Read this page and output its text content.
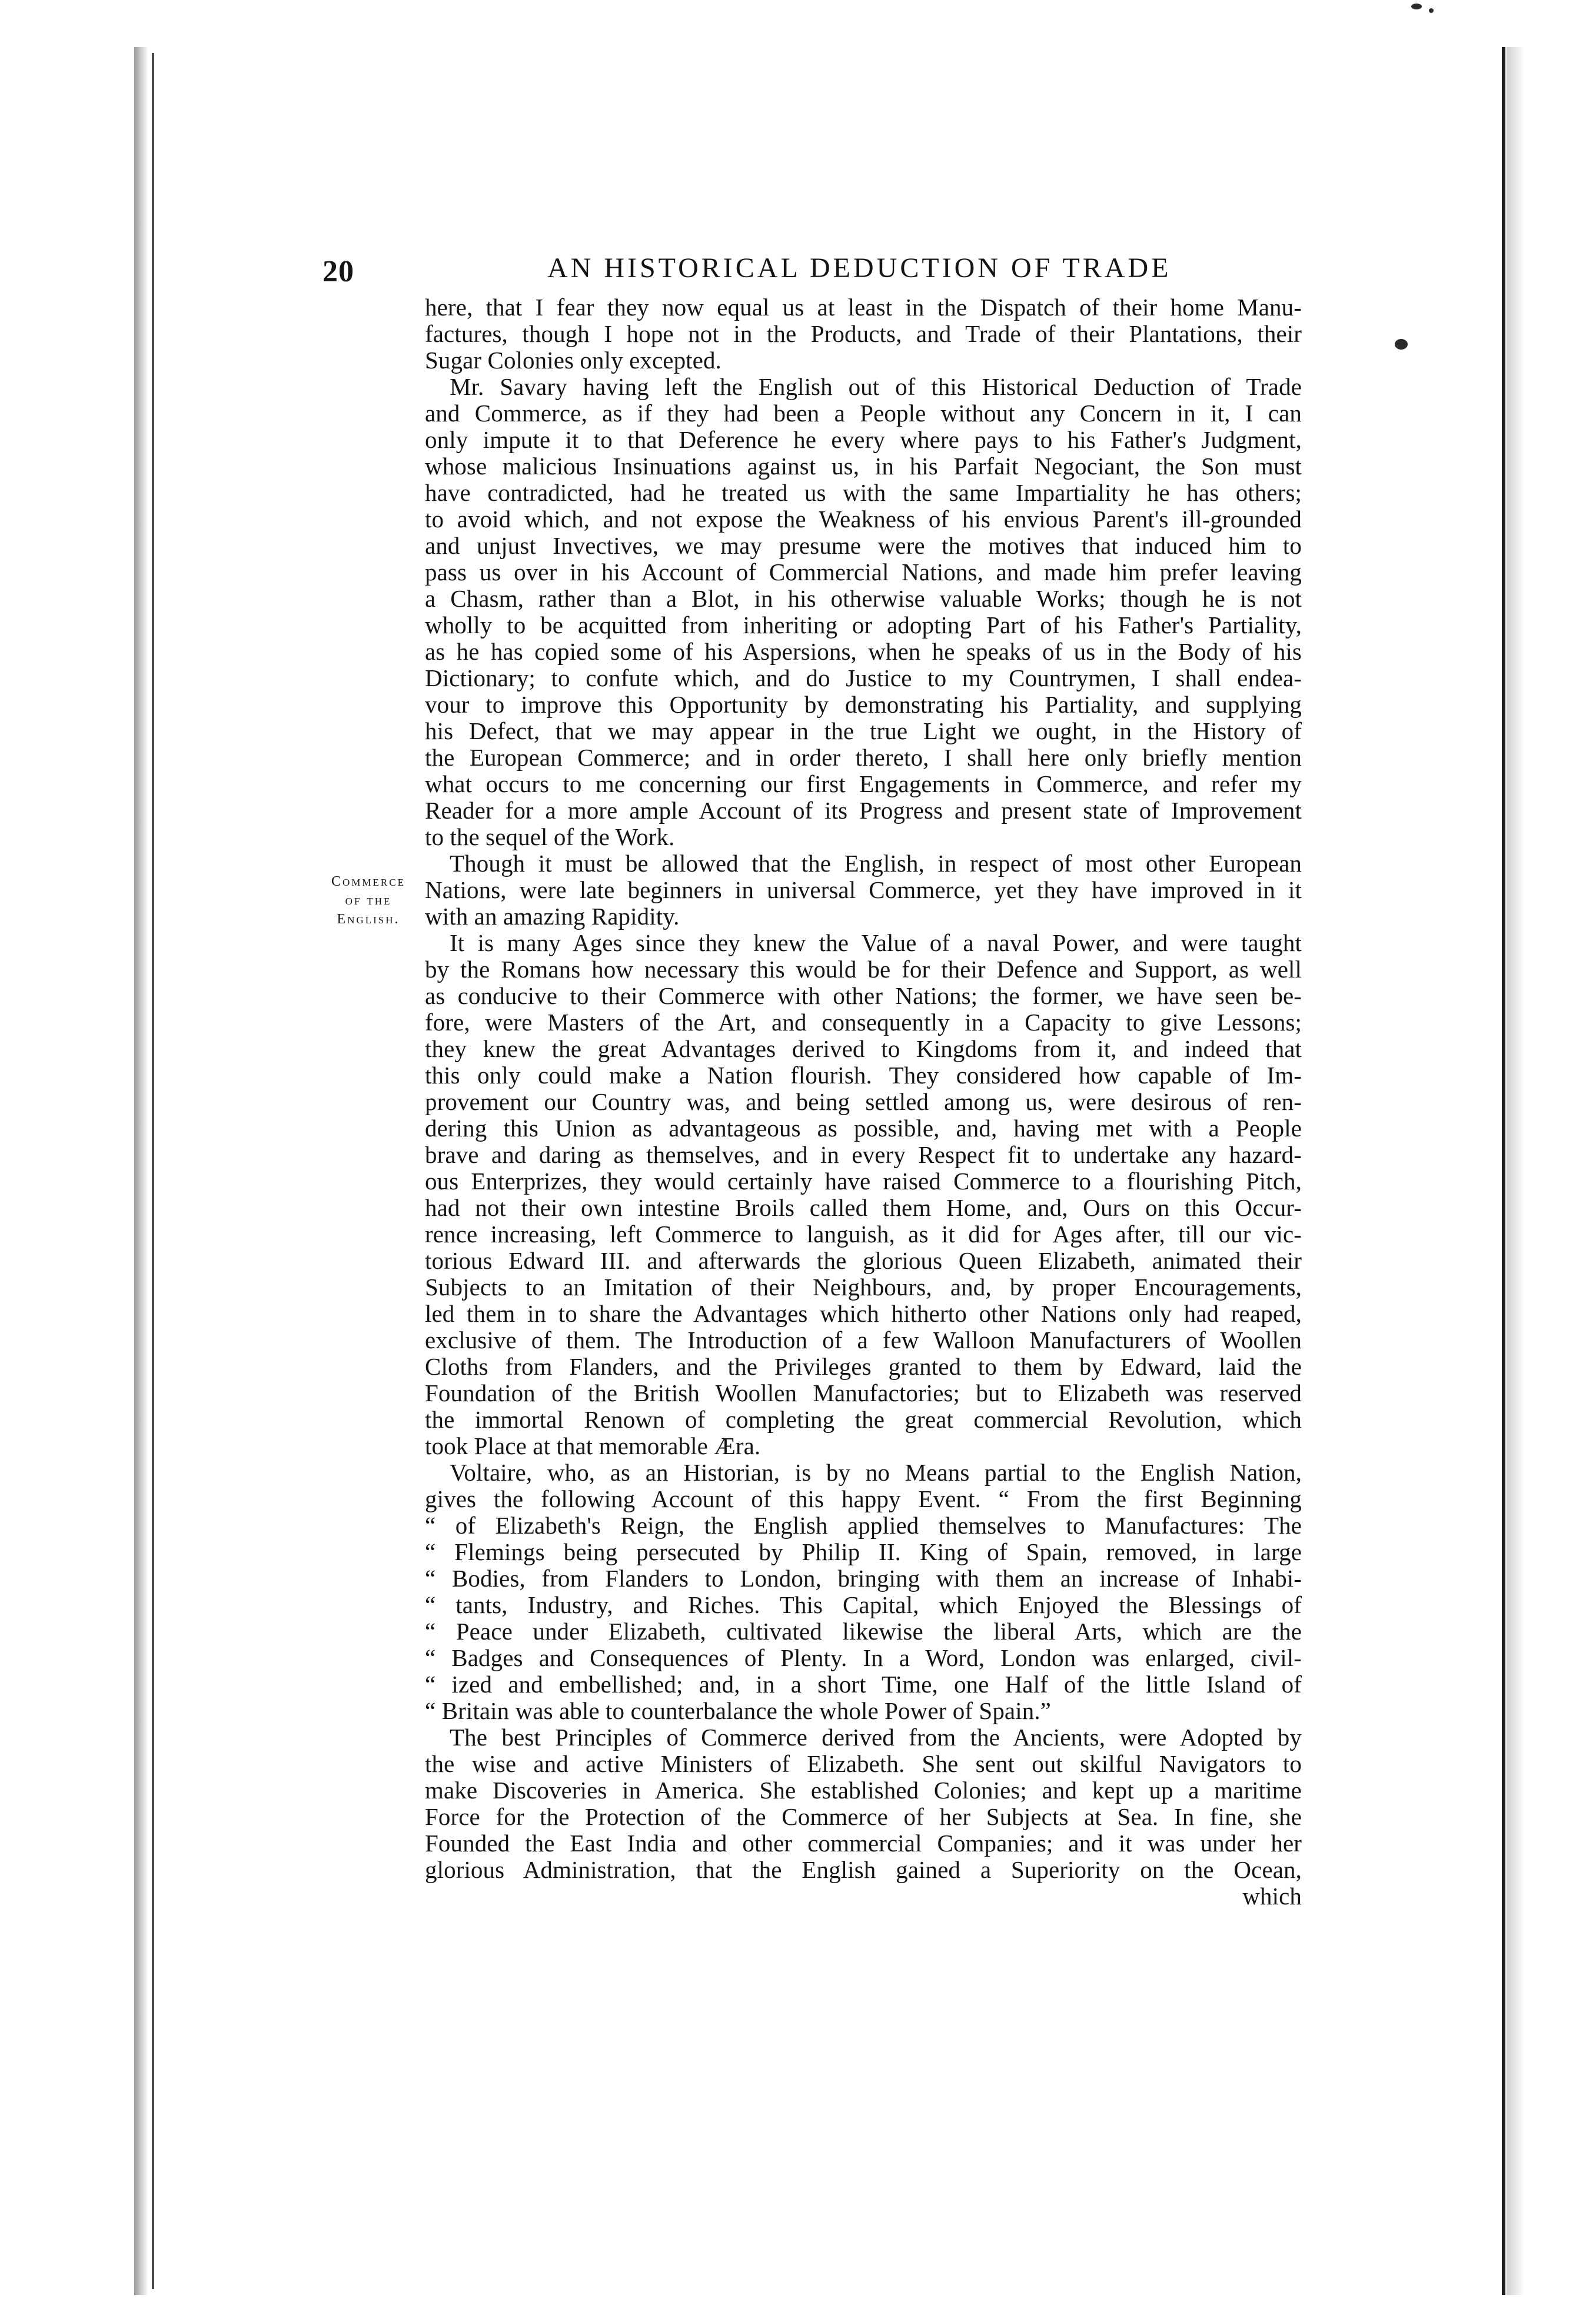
20	AN HISTORICAL DEDUCTION OF TRADE
Commerce
of the
English.
here, that I fear they now equal us at least in the Dispatch of their home Manu-
factures, though I hope not in the Products, and Trade of their Plantations, their
Sugar Colonies only excepted.
Mr. Savary having left the English out of this Historical Deduction of Trade
and Commerce, as if they had been a People without any Concern in it, I can
only impute it to that Deference he every where pays to his Father's Judgment,
whose malicious Insinuations against us, in his Parfait Negociant, the Son must
have contradicted, had he treated us with the same Impartiality he has others;
to avoid which, and not expose the Weakness of his envious Parent's ill-grounded
and unjust Invectives, we may presume were the motives that induced him to
pass us over in his Account of Commercial Nations, and made him prefer leaving
a Chasm, rather than a Blot, in his otherwise valuable Works; though he is not
wholly to be acquitted from inheriting or adopting Part of his Father's Partiality,
as he has copied some of his Aspersions, when he speaks of us in the Body of his
Dictionary; to confute which, and do Justice to my Countrymen, I shall endea-
vour to improve this Opportunity by demonstrating his Partiality, and supplying
his Defect, that we may appear in the true Light we ought, in the History of
the European Commerce; and in order thereto, I shall here only briefly mention
what occurs to me concerning our first Engagements in Commerce, and refer my
Reader for a more ample Account of its Progress and present state of Improvement
to the sequel of the Work.
Though it must be allowed that the English, in respect of most other European
Nations, were late beginners in universal Commerce, yet they have improved in it
with an amazing Rapidity.
It is many Ages since they knew the Value of a naval Power, and were taught
by the Romans how necessary this would be for their Defence and Support, as well
as conducive to their Commerce with other Nations; the former, we have seen be-
fore, were Masters of the Art, and consequently in a Capacity to give Lessons;
they knew the great Advantages derived to Kingdoms from it, and indeed that
this only could make a Nation flourish. They considered how capable of Im-
provement our Country was, and being settled among us, were desirous of ren-
dering this Union as advantageous as possible, and, having met with a People
brave and daring as themselves, and in every Respect fit to undertake any hazard-
ous Enterprizes, they would certainly have raised Commerce to a flourishing Pitch,
had not their own intestine Broils called them Home, and, Ours on this Occur-
rence increasing, left Commerce to languish, as it did for Ages after, till our vic-
torious Edward III. and afterwards the glorious Queen Elizabeth, animated their
Subjects to an Imitation of their Neighbours, and, by proper Encouragements,
led them in to share the Advantages which hitherto other Nations only had reaped,
exclusive of them. The Introduction of a few Walloon Manufacturers of Woollen
Cloths from Flanders, and the Privileges granted to them by Edward, laid the
Foundation of the British Woollen Manufactories; but to Elizabeth was reserved
the immortal Renown of completing the great commercial Revolution, which
took Place at that memorable Æra.
Voltaire, who, as an Historian, is by no Means partial to the English Nation,
gives the following Account of this happy Event. “ From the first Beginning
“ of Elizabeth's Reign, the English applied themselves to Manufactures: The
“ Flemings being persecuted by Philip II. King of Spain, removed, in large
“ Bodies, from Flanders to London, bringing with them an increase of Inhabi-
“ tants, Industry, and Riches. This Capital, which Enjoyed the Blessings of
“ Peace under Elizabeth, cultivated likewise the liberal Arts, which are the
“ Badges and Consequences of Plenty. In a Word, London was enlarged, civil-
“ ized and embellished; and, in a short Time, one Half of the little Island of
“ Britain was able to counterbalance the whole Power of Spain.”
The best Principles of Commerce derived from the Ancients, were Adopted by
the wise and active Ministers of Elizabeth. She sent out skilful Navigators to
make Discoveries in America. She established Colonies; and kept up a maritime
Force for the Protection of the Commerce of her Subjects at Sea. In fine, she
Founded the East India and other commercial Companies; and it was under her
glorious Administration, that the English gained a Superiority on the Ocean,
which
